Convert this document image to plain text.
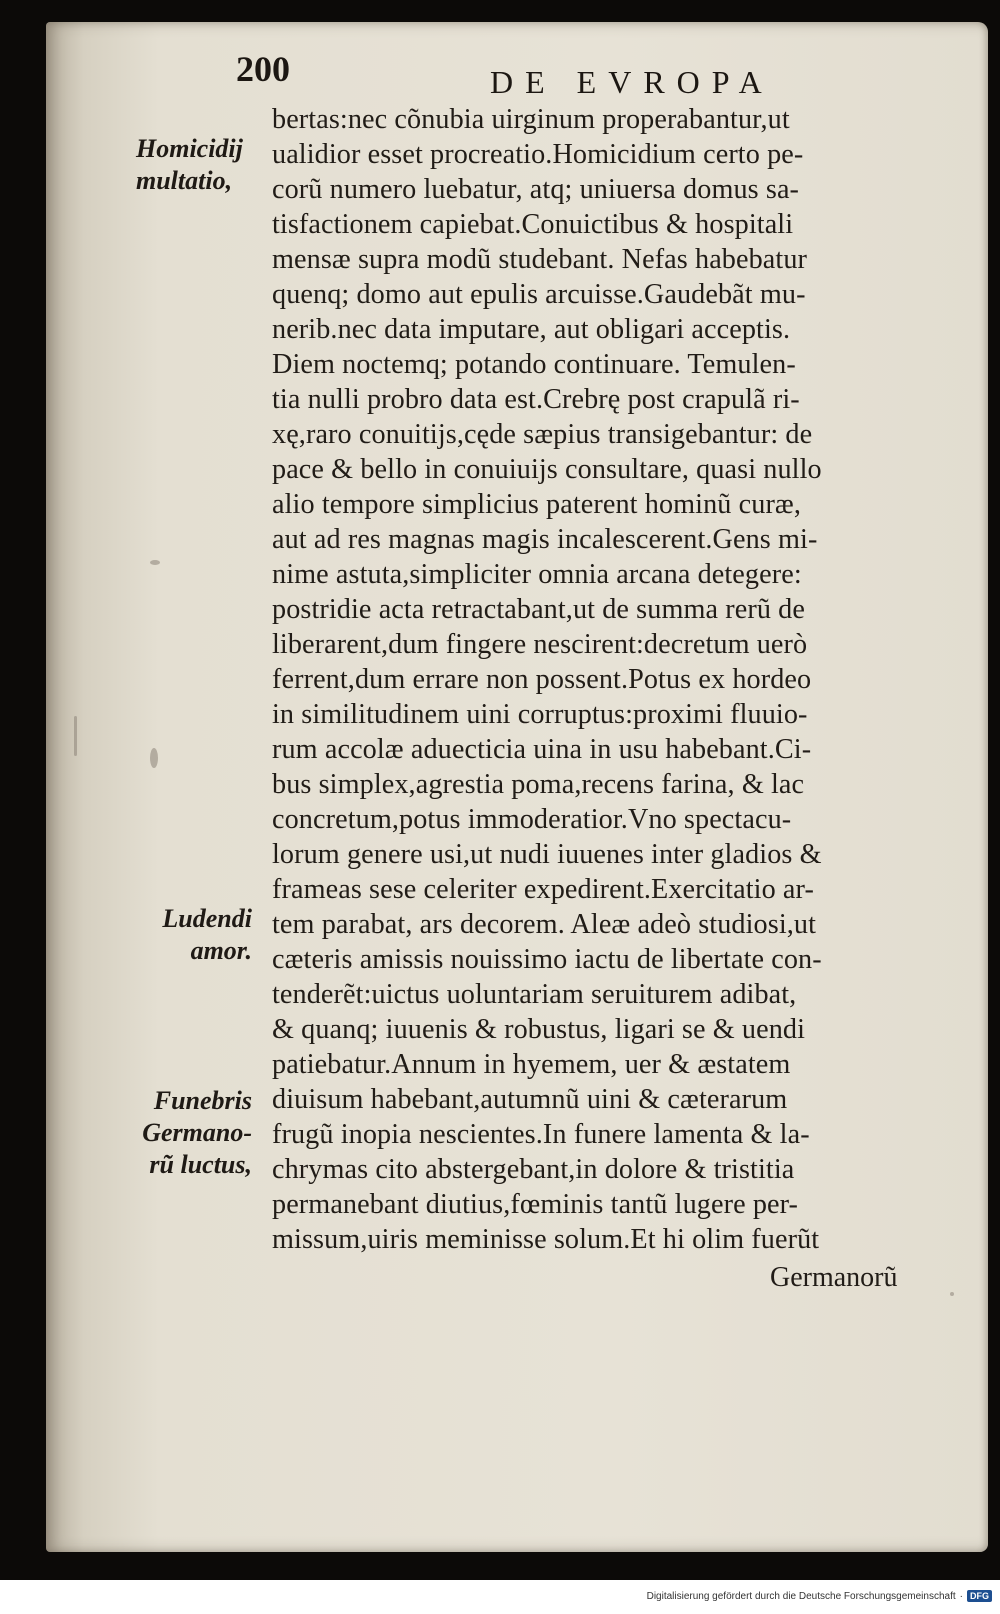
200	DE EVROPA
Homicidij
multatio,
Ludendi
amor.
Funebris
Germano-
rũ luctus,
bertas:nec cõnubia uirginum properabantur,ut
ualidior esset procreatio.Homicidium certo pe-
corũ numero luebatur, atq; uniuersa domus sa-
tisfactionem capiebat.Conuictibus & hospitali
mensæ supra modũ studebant. Nefas habebatur
quenq; domo aut epulis arcuisse.Gaudebãt mu-
nerib.nec data imputare, aut obligari acceptis.
Diem noctemq; potando continuare. Temulen-
tia nulli probro data est.Crebrę post crapulã ri-
xę,raro conuitijs,cęde sæpius transigebantur: de
pace & bello in conuiuijs consultare, quasi nullo
alio tempore simplicius paterent hominũ curæ,
aut ad res magnas magis incalescerent.Gens mi-
nime astuta,simpliciter omnia arcana detegere:
postridie acta retractabant,ut de summa rerũ de
liberarent,dum fingere nescirent:decretum uerò
ferrent,dum errare non possent.Potus ex hordeo
in similitudinem uini corruptus:proximi fluuio-
rum accolæ aduecticia uina in usu habebant.Ci-
bus simplex,agrestia poma,recens farina, & lac
concretum,potus immoderatior.Vno spectacu-
lorum genere usi,ut nudi iuuenes inter gladios &
frameas sese celeriter expedirent.Exercitatio ar-
tem parabat, ars decorem. Aleæ adeò studiosi,ut
cæteris amissis nouissimo iactu de libertate con-
tenderẽt:uictus uoluntariam seruiturem adibat,
& quanq; iuuenis & robustus, ligari se & uendi
patiebatur.Annum in hyemem, uer & æstatem
diuisum habebant,autumnũ uini & cæterarum
frugũ inopia nescientes.In funere lamenta & la-
chrymas cito abstergebant,in dolore & tristitia
permanebant diutius,fœminis tantũ lugere per-
missum,uiris meminisse solum.Et hi olim fuerũt
Germanorũ
Digitalisierung gefördert durch die Deutsche Forschungsgemeinschaft · DFG
